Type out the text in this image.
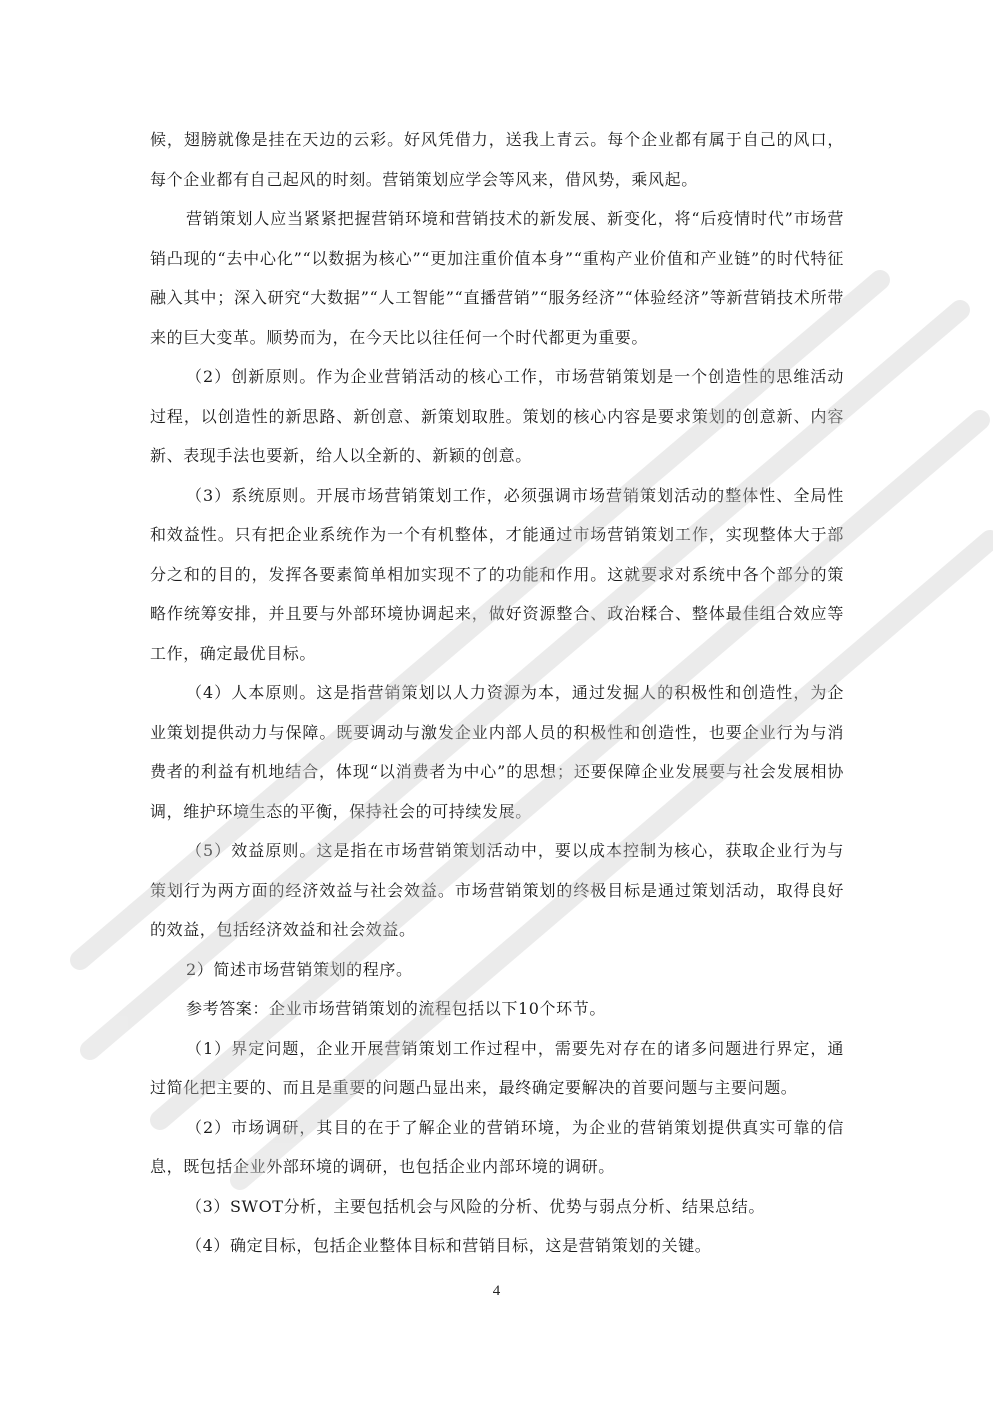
候，翅膀就像是挂在天边的云彩。好风凭借力，送我上青云。每个企业都有属于自己的风口，每个企业都有自己起风的时刻。营销策划应学会等风来，借风势，乘风起。

营销策划人应当紧紧把握营销环境和营销技术的新发展、新变化，将“后疫情时代”市场营销凸现的“去中心化”“以数据为核心”“更加注重价值本身”“重构产业价值和产业链”的时代特征融入其中；深入研究“大数据”“人工智能”“直播营销”“服务经济”“体验经济”等新营销技术所带来的巨大变革。顺势而为，在今天比以往任何一个时代都更为重要。

（2）创新原则。作为企业营销活动的核心工作，市场营销策划是一个创造性的思维活动过程，以创造性的新思路、新创意、新策划取胜。策划的核心内容是要求策划的创意新、内容新、表现手法也要新，给人以全新的、新颖的创意。

（3）系统原则。开展市场营销策划工作，必须强调市场营销策划活动的整体性、全局性和效益性。只有把企业系统作为一个有机整体，才能通过市场营销策划工作，实现整体大于部分之和的目的，发挥各要素简单相加实现不了的功能和作用。这就要求对系统中各个部分的策略作统筹安排，并且要与外部环境协调起来，做好资源整合、政治糅合、整体最佳组合效应等工作，确定最优目标。

（4）人本原则。这是指营销策划以人力资源为本，通过发掘人的积极性和创造性，为企业策划提供动力与保障。既要调动与激发企业内部人员的积极性和创造性，也要企业行为与消费者的利益有机地结合，体现“以消费者为中心”的思想；还要保障企业发展要与社会发展相协调，维护环境生态的平衡，保持社会的可持续发展。

（5）效益原则。这是指在市场营销策划活动中，要以成本控制为核心，获取企业行为与策划行为两方面的经济效益与社会效益。市场营销策划的终极目标是通过策划活动，取得良好的效益，包括经济效益和社会效益。

2）简述市场营销策划的程序。

参考答案：企业市场营销策划的流程包括以下10个环节。

（1）界定问题，企业开展营销策划工作过程中，需要先对存在的诸多问题进行界定，通过简化把主要的、而且是重要的问题凸显出来，最终确定要解决的首要问题与主要问题。

（2）市场调研，其目的在于了解企业的营销环境，为企业的营销策划提供真实可靠的信息，既包括企业外部环境的调研，也包括企业内部环境的调研。

（3）SWOT分析，主要包括机会与风险的分析、优势与弱点分析、结果总结。

（4）确定目标，包括企业整体目标和营销目标，这是营销策划的关键。

4
